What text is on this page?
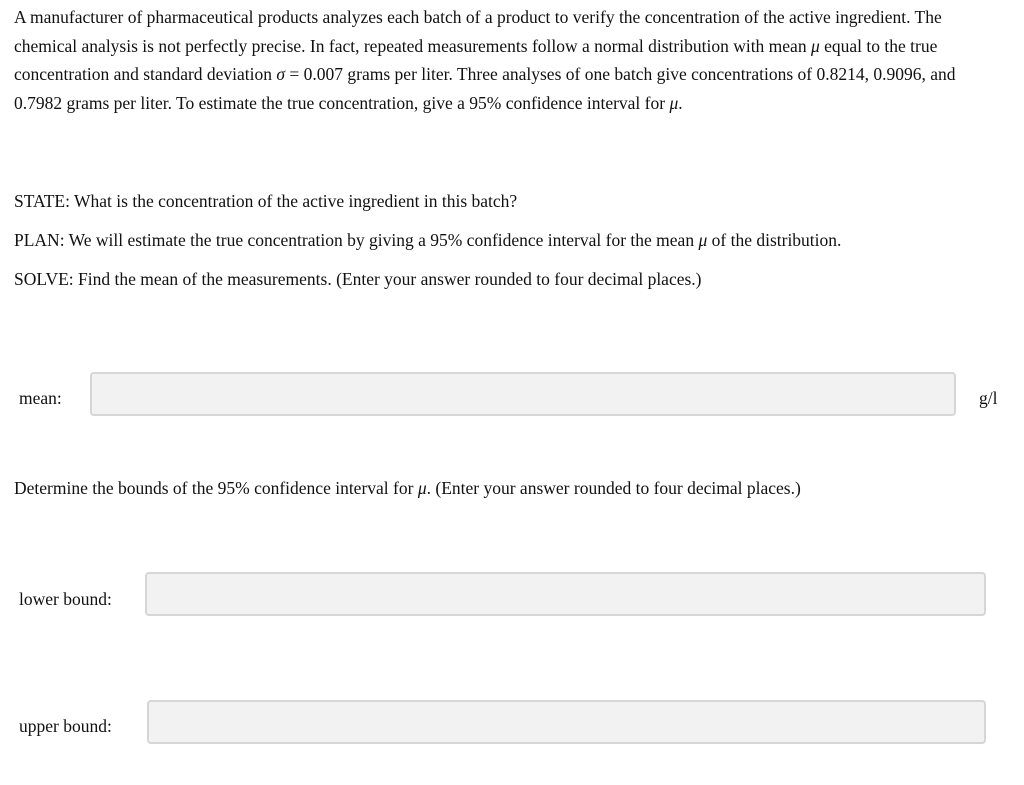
A manufacturer of pharmaceutical products analyzes each batch of a product to verify the concentration of the active ingredient. The chemical analysis is not perfectly precise. In fact, repeated measurements follow a normal distribution with mean μ equal to the true concentration and standard deviation σ = 0.007 grams per liter. Three analyses of one batch give concentrations of 0.8214, 0.9096, and 0.7982 grams per liter. To estimate the true concentration, give a 95% confidence interval for μ.

STATE: What is the concentration of the active ingredient in this batch?

PLAN: We will estimate the true concentration by giving a 95% confidence interval for the mean μ of the distribution.

SOLVE: Find the mean of the measurements. (Enter your answer rounded to four decimal places.)

mean:	g/l

Determine the bounds of the 95% confidence interval for μ. (Enter your answer rounded to four decimal places.)

lower bound:
upper bound:
